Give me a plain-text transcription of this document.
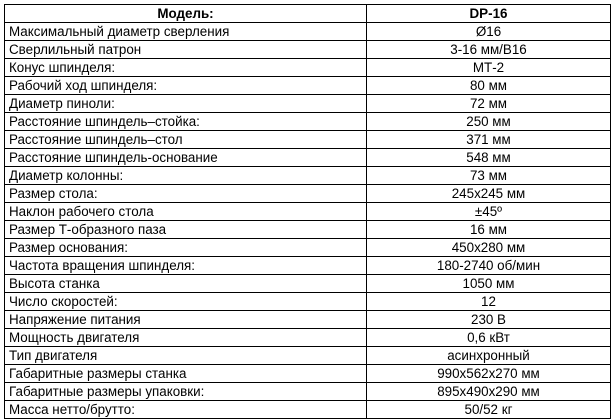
Модель:	DP-16
Максимальный диаметр сверления	Ø16
Сверлильный патрон	3-16 мм/B16
Конус шпинделя:	МТ-2
Рабочий ход шпинделя:	80 мм
Диаметр пиноли:	72 мм
Расстояние шпиндель–стойка:	250 мм
Расстояние шпиндель–стол	371 мм
Расстояние шпиндель-основание	548 мм
Диаметр колонны:	73 мм
Размер стола:	245x245 мм
Наклон рабочего стола	±45º
Размер Т-образного паза	16 мм
Размер основания:	450x280 мм
Частота вращения шпинделя:	180-2740 об/мин
Высота станка	1050 мм
Число скоростей:	12
Напряжение питания	230 В
Мощность двигателя	0,6 кВт
Тип двигателя	асинхронный
Габаритные размеры станка	990x562x270 мм
Габаритные размеры упаковки:	895x490x290 мм
Масса нетто/брутто:	50/52 кг
